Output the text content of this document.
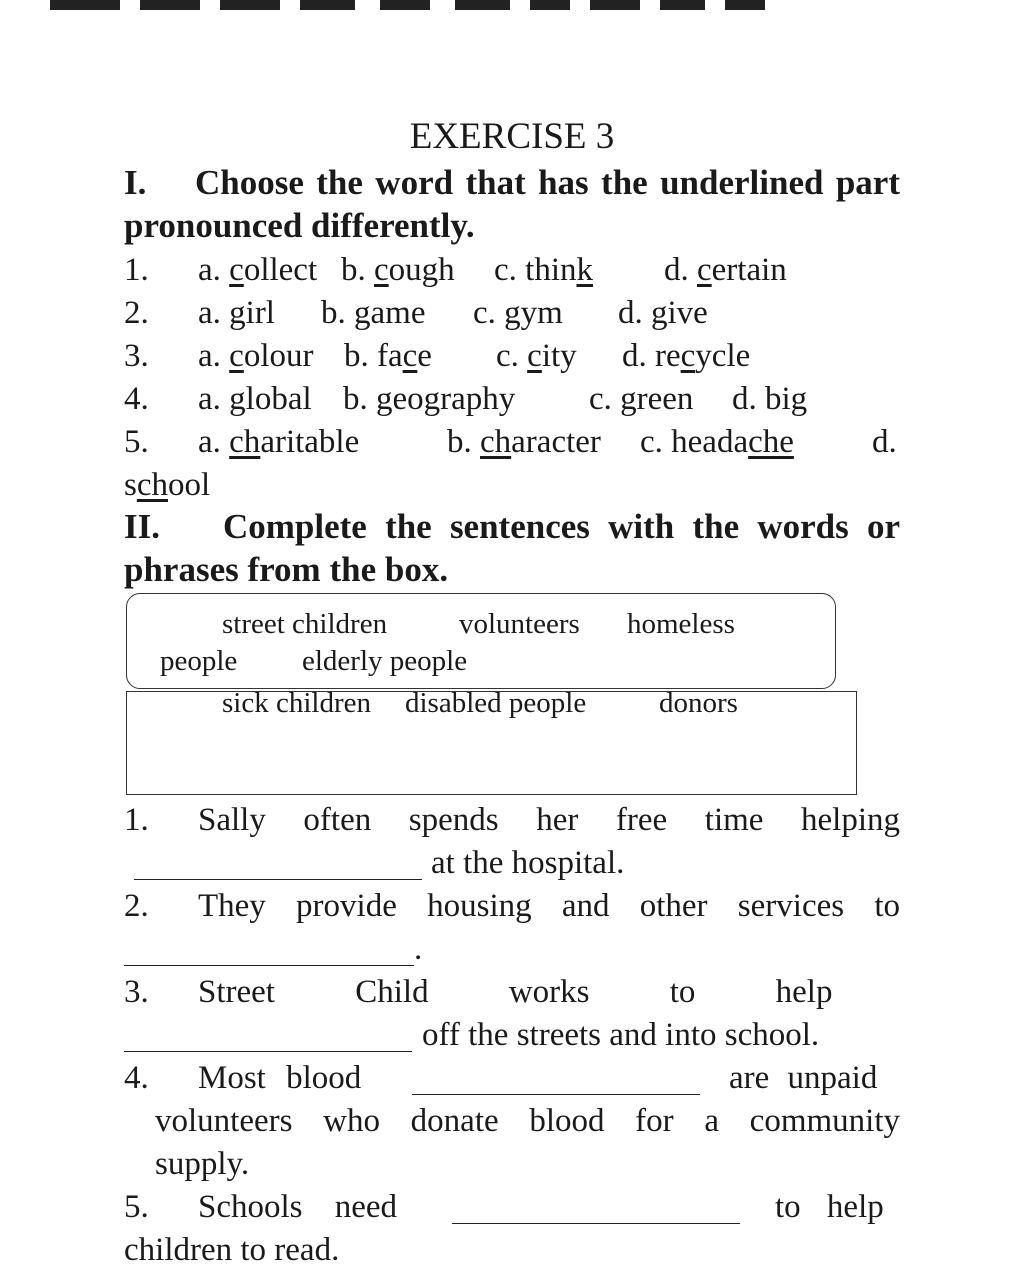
EXERCISE 3
I. Choose the word that has the underlined part
pronounced differently.
1. a. collect b. cough c. think d. certain
2. a. girl b. game c. gym d. give
3. a. colour b. face c. city d. recycle
4. a. global b. geography c. green d. big
5. a. charitable	b. character c. headache d.
school
II. Complete the sentences with the words or
phrases from the box.
street children volunteers homeless
people elderly people
sick children disabled people	donors
1. Sally often spends her free time helping
at the hospital.
2. They provide housing and other services to
.
3. Street Child works to help
off the streets and into school.
4. Most blood	are unpaid
volunteers who donate blood for a community
supply.
5. Schools need	to help
children to read.
